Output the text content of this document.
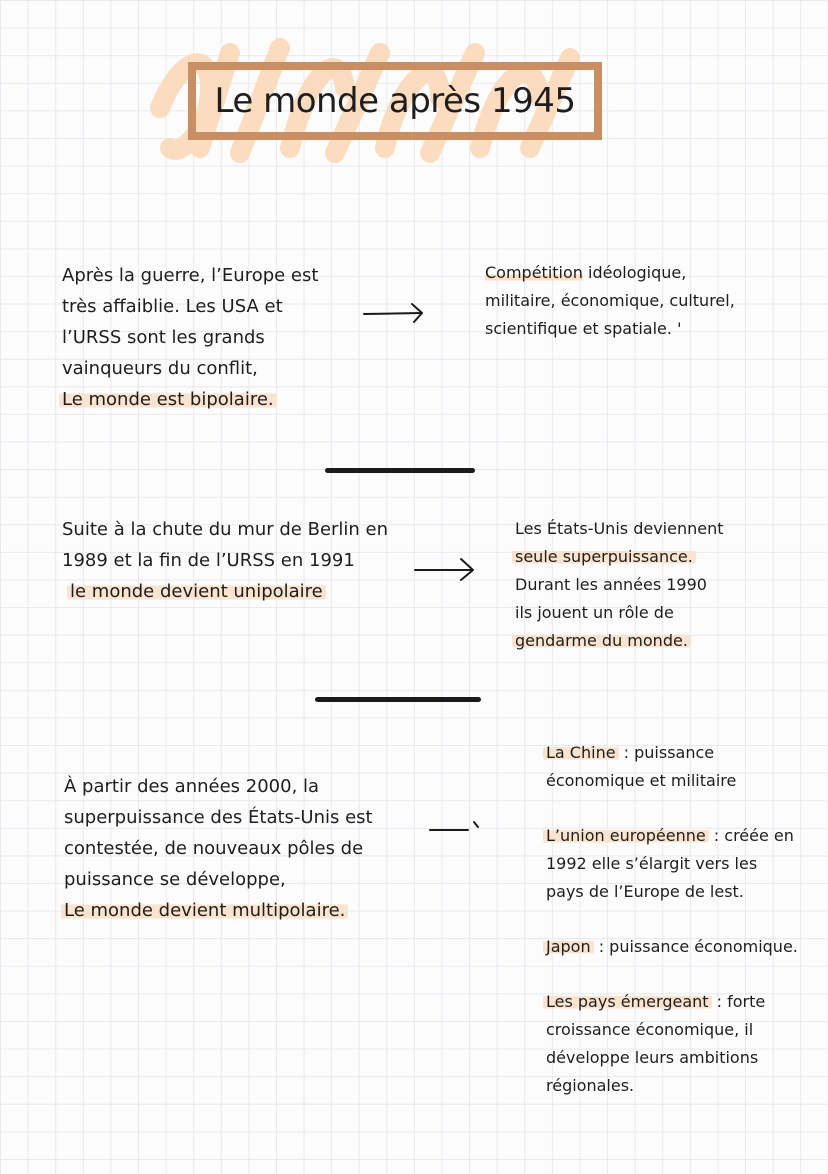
Le monde après 1945
Après la guerre, l’Europe est
très affaiblie. Les USA et
l’URSS sont les grands
vainqueurs du conflit,
Le monde est bipolaire.
Compétition idéologique,
militaire, économique, culturel,
scientifique et spatiale. '
Suite à la chute du mur de Berlin en
1989 et la fin de l’URSS en 1991
le monde devient unipolaire
Les États-Unis deviennent
seule superpuissance.
Durant les années 1990
ils jouent un rôle de
gendarme du monde.
À partir des années 2000, la
superpuissance des États-Unis est
contestée, de nouveaux pôles de
puissance se développe,
Le monde devient multipolaire.
La Chine : puissance
économique et militaire
L’union européenne : créée en
1992 elle s’élargit vers les
pays de l’Europe de lest.
Japon : puissance économique.
Les pays émergeant : forte
croissance économique, il
développe leurs ambitions
régionales.
